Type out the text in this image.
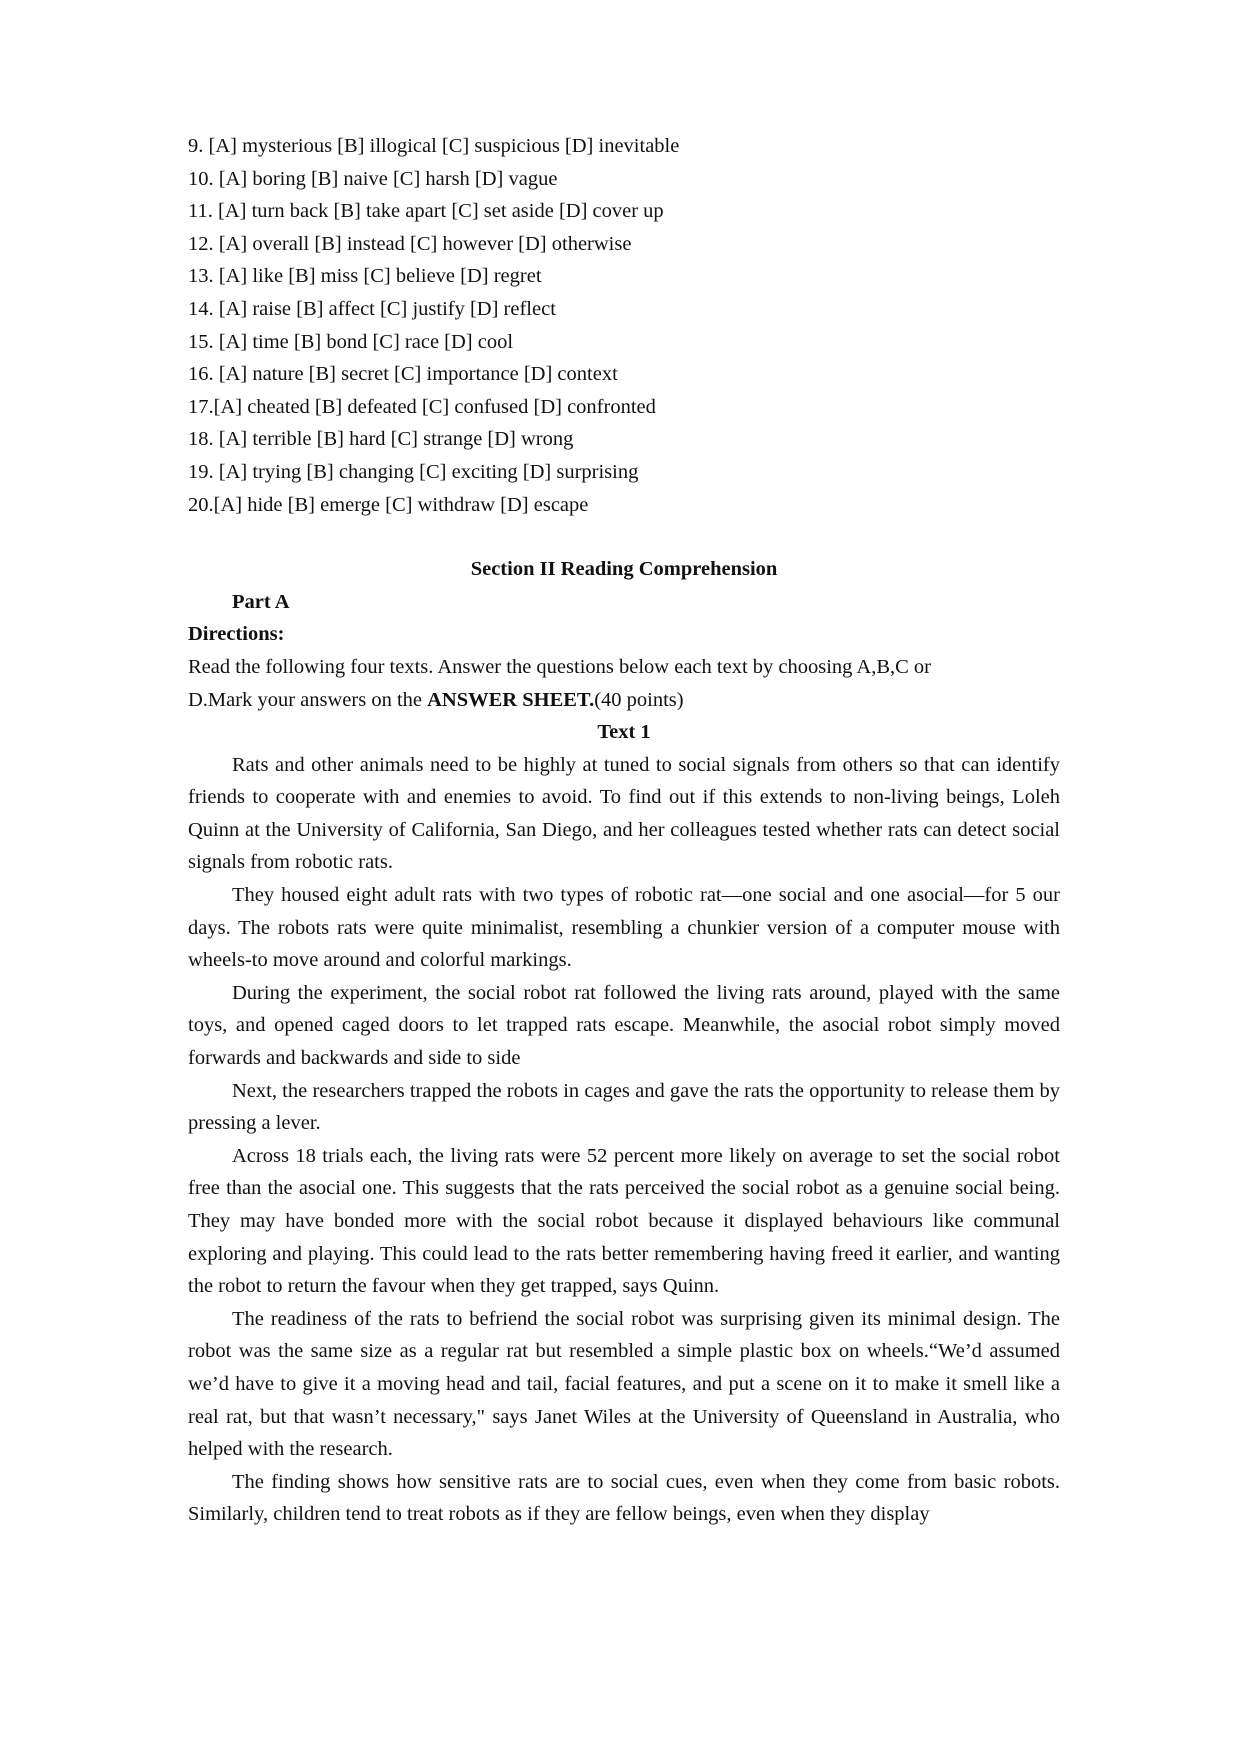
9. [A] mysterious [B] illogical [C] suspicious [D] inevitable
10. [A] boring [B] naive [C] harsh [D] vague
11. [A] turn back [B] take apart [C] set aside [D] cover up
12. [A] overall [B] instead [C] however [D] otherwise
13. [A] like [B] miss [C] believe [D] regret
14. [A] raise [B] affect [C] justify [D] reflect
15. [A] time [B] bond [C] race [D] cool
16. [A] nature [B] secret [C] importance [D] context
17.[A] cheated [B] defeated [C] confused [D] confronted
18. [A] terrible [B] hard [C] strange [D] wrong
19. [A] trying [B] changing [C] exciting [D] surprising
20.[A] hide [B] emerge [C] withdraw [D] escape
Section II Reading Comprehension
Part A
Directions:
Read the following four texts. Answer the questions below each text by choosing A,B,C or
D.Mark your answers on the ANSWER SHEET.(40 points)
Text 1

Rats and other animals need to be highly at tuned to social signals from others so that can identify friends to cooperate with and enemies to avoid. To find out if this extends to non-living beings, Loleh Quinn at the University of California, San Diego, and her colleagues tested whether rats can detect social signals from robotic rats.

They housed eight adult rats with two types of robotic rat—one social and one asocial—for 5 our days. The robots rats were quite minimalist, resembling a chunkier version of a computer mouse with wheels-to move around and colorful markings.

During the experiment, the social robot rat followed the living rats around, played with the same toys, and opened caged doors to let trapped rats escape. Meanwhile, the asocial robot simply moved forwards and backwards and side to side

Next, the researchers trapped the robots in cages and gave the rats the opportunity to release them by pressing a lever.

Across 18 trials each, the living rats were 52 percent more likely on average to set the social robot free than the asocial one. This suggests that the rats perceived the social robot as a genuine social being. They may have bonded more with the social robot because it displayed behaviours like communal exploring and playing. This could lead to the rats better remembering having freed it earlier, and wanting the robot to return the favour when they get trapped, says Quinn.

The readiness of the rats to befriend the social robot was surprising given its minimal design. The robot was the same size as a regular rat but resembled a simple plastic box on wheels.“We’d assumed we’d have to give it a moving head and tail, facial features, and put a scene on it to make it smell like a real rat, but that wasn’t necessary," says Janet Wiles at the University of Queensland in Australia, who helped with the research.

The finding shows how sensitive rats are to social cues, even when they come from basic robots. Similarly, children tend to treat robots as if they are fellow beings, even when they display
